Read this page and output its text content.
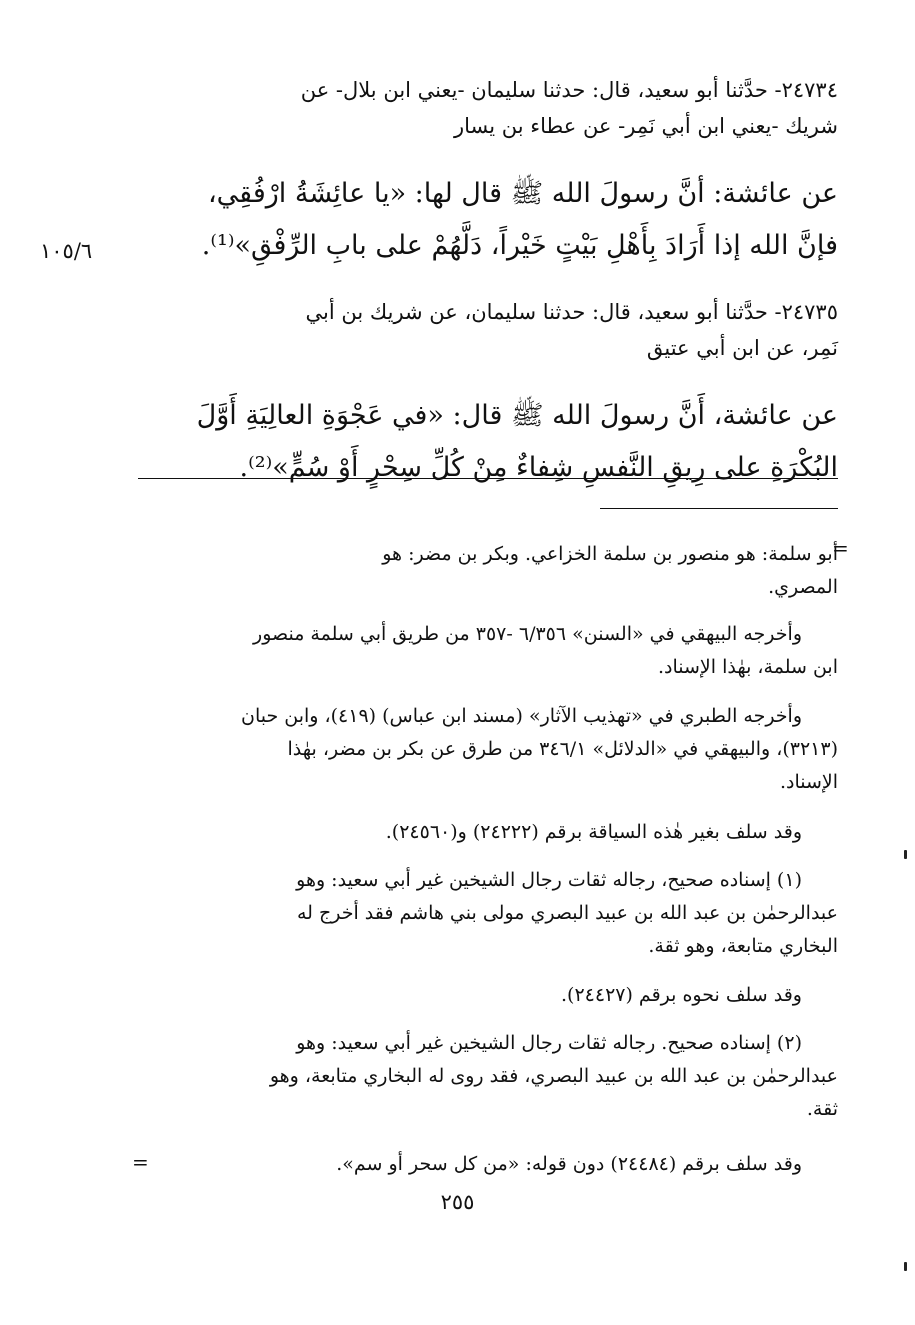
١٠٥/٦
٢٤٧٣٤- حدَّثنا أبو سعيد، قال: حدثنا سليمان -يعني ابن بلال- عن
شريك -يعني ابن أبي نَمِر- عن عطاء بن يسار
عن عائشة: أنَّ رسولَ الله ﷺ قال لها: «يا عائِشَةُ ارْفُقِي،
فإنَّ الله إذا أَرَادَ بِأَهْلِ بَيْتٍ خَيْراً، دَلَّهُمْ على بابِ الرِّفْقِ»⁽¹⁾.
٢٤٧٣٥- حدَّثنا أبو سعيد، قال: حدثنا سليمان، عن شريك بن أبي
نَمِر، عن ابن أبي عتيق
عن عائشة، أَنَّ رسولَ الله ﷺ قال: «في عَجْوَةِ العالِيَةِ أَوَّلَ
البُكْرَةِ على رِيقِ النَّفسِ شِفاءٌ مِنْ كُلِّ سِحْرٍ أَوْ سُمٍّ»⁽²⁾.
=
أبو سلمة: هو منصور بن سلمة الخزاعي. وبكر بن مضر: هو
المصري.
وأخرجه البيهقي في «السنن» ٦/٣٥٦ -٣٥٧ من طريق أبي سلمة منصور
ابن سلمة، بهٰذا الإسناد.
وأخرجه الطبري في «تهذيب الآثار» (مسند ابن عباس) (٤١٩)، وابن حبان
(٣٢١٣)، والبيهقي في «الدلائل» ٣٤٦/١ من طرق عن بكر بن مضر، بهٰذا
الإسناد.
وقد سلف بغير هٰذه السياقة برقم (٢٤٢٢٢) و(٢٤٥٦٠).
(١) إسناده صحيح، رجاله ثقات رجال الشيخين غير أبي سعيد: وهو
عبدالرحمٰن بن عبد الله بن عبيد البصري مولى بني هاشم فقد أخرج له
البخاري متابعة، وهو ثقة.
وقد سلف نحوه برقم (٢٤٤٢٧).
(٢) إسناده صحيح. رجاله ثقات رجال الشيخين غير أبي سعيد: وهو
عبدالرحمٰن بن عبد الله بن عبيد البصري، فقد روى له البخاري متابعة، وهو
ثقة.
وقد سلف برقم (٢٤٤٨٤) دون قوله: «من كل سحر أو سم».
=
٢٥٥
